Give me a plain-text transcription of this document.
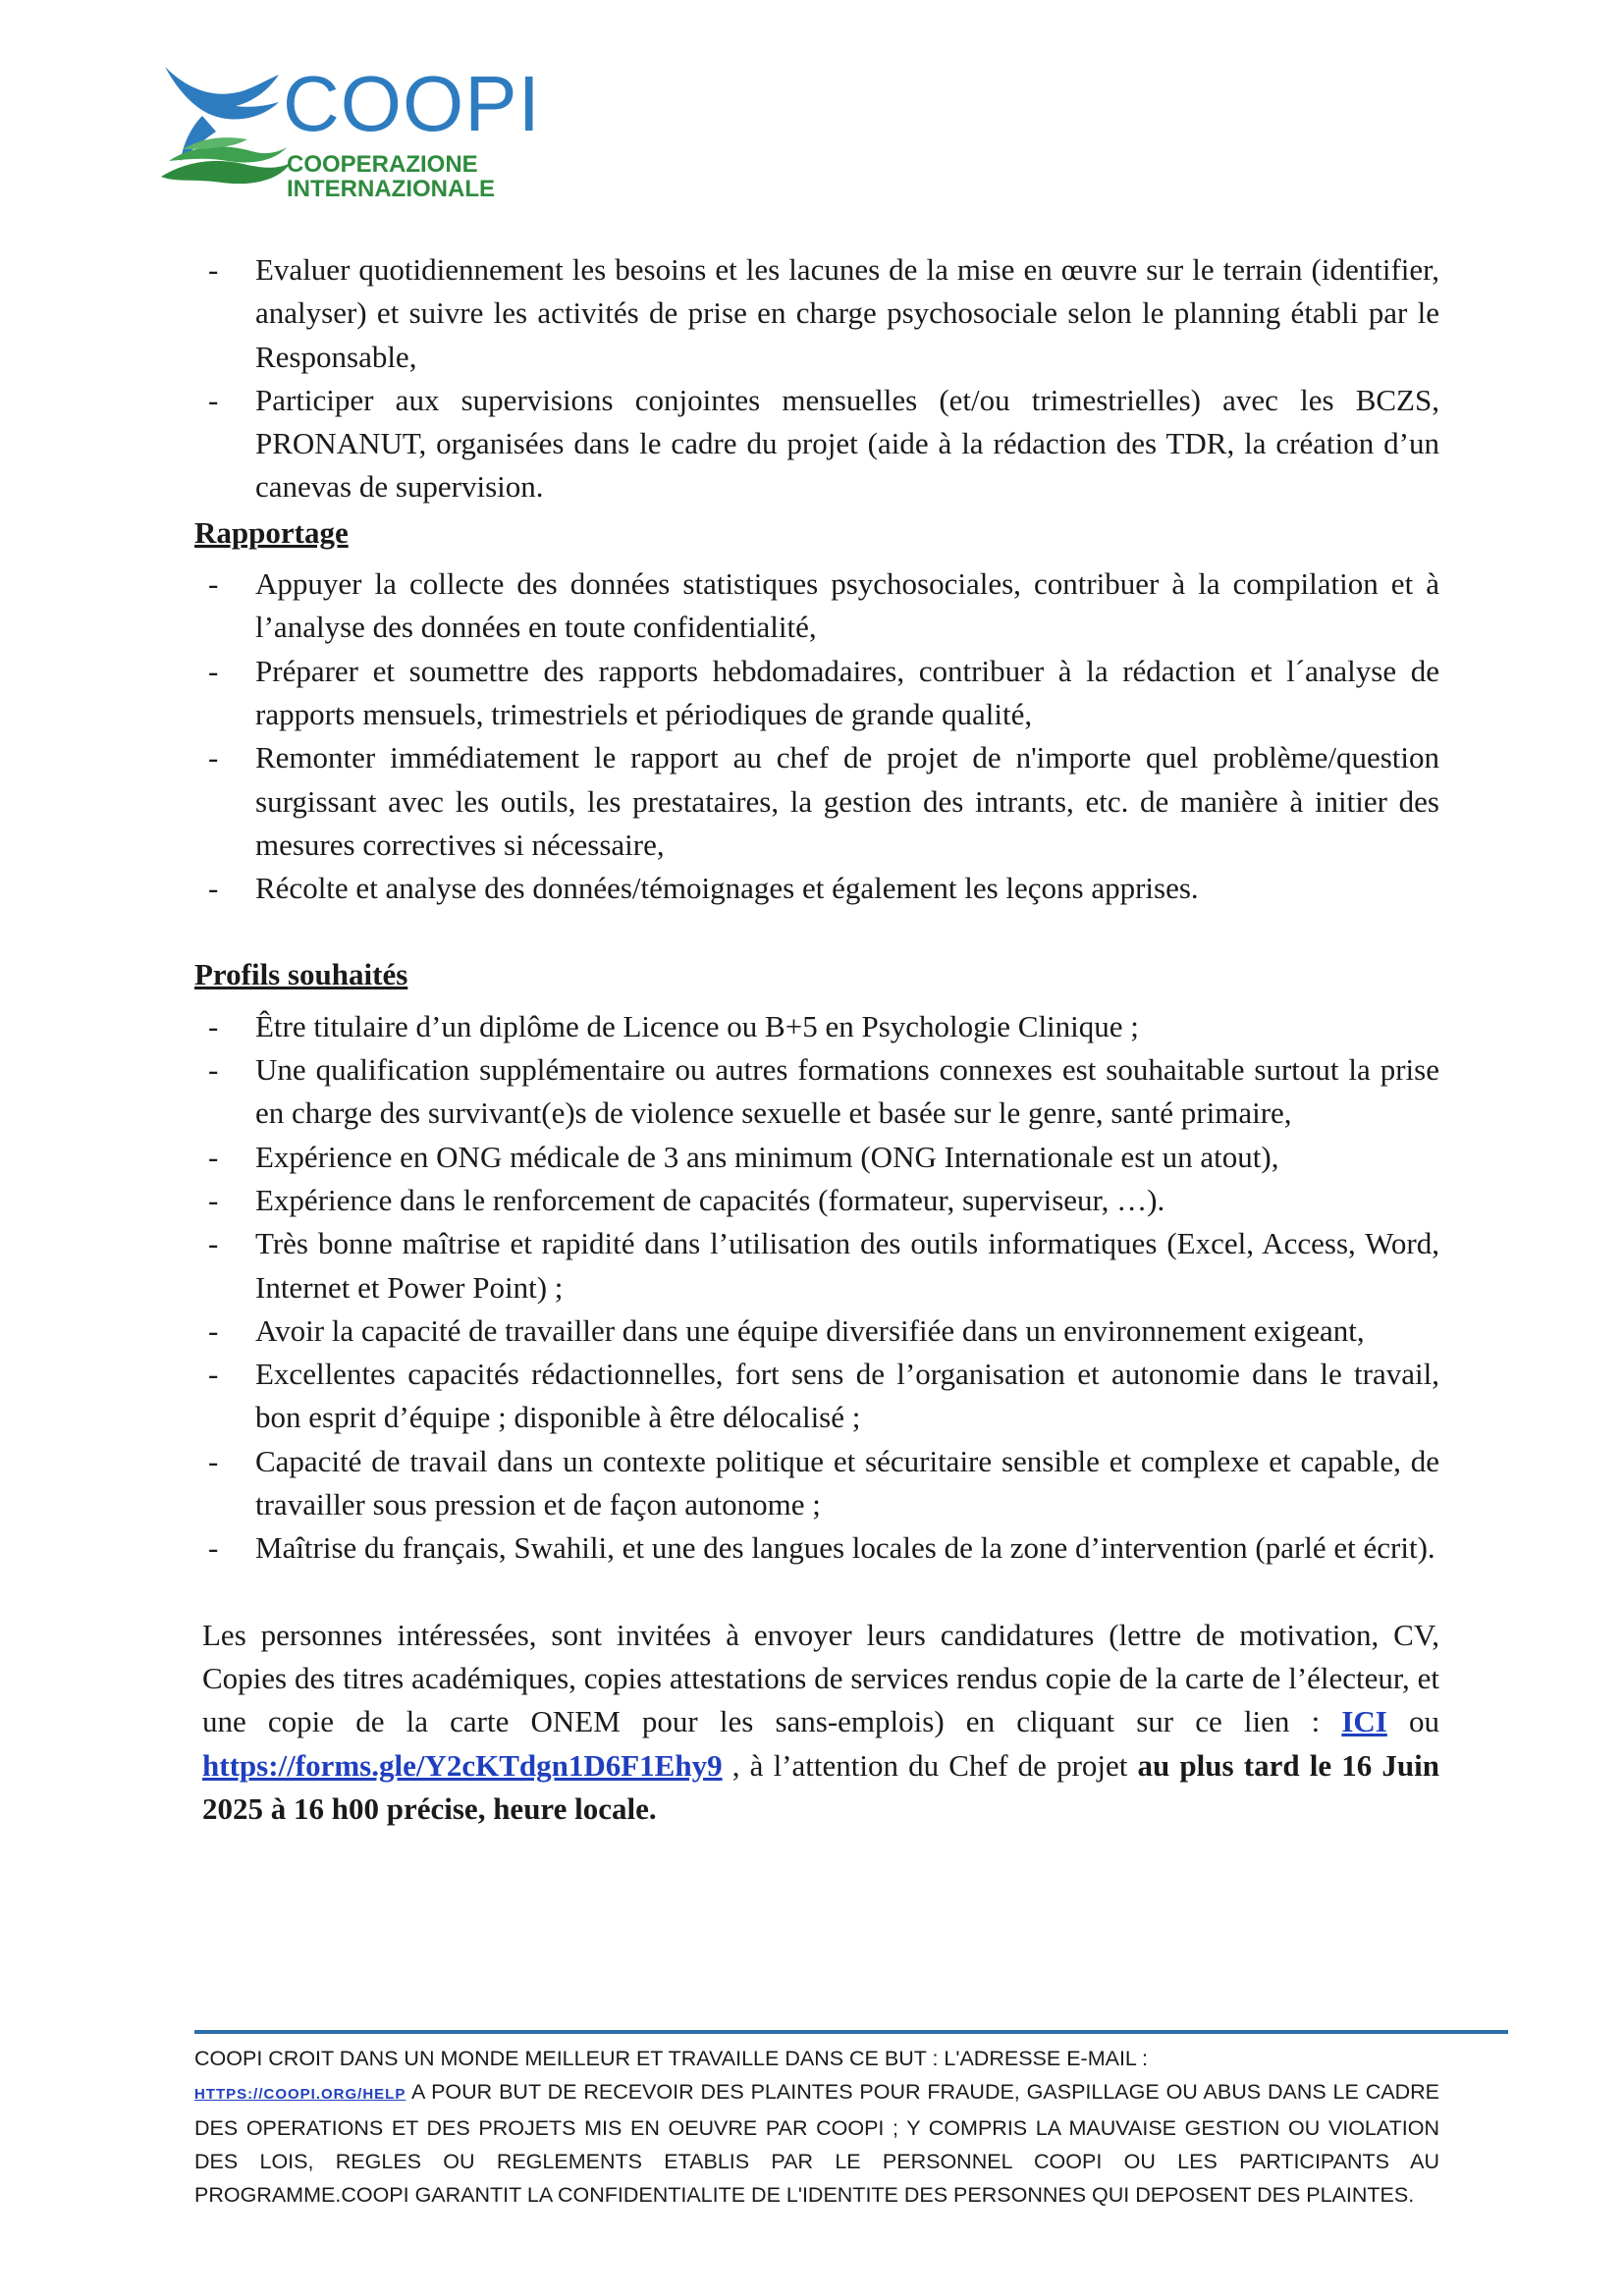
COOPI
COOPERAZIONE
INTERNAZIONALE
- Evaluer quotidiennement les besoins et les lacunes de la mise en œuvre sur le terrain (identifier, analyser) et suivre les activités de prise en charge psychosociale selon le planning établi par le Responsable,
- Participer aux supervisions conjointes mensuelles (et/ou trimestrielles) avec les BCZS, PRONANUT, organisées dans le cadre du projet (aide à la rédaction des TDR, la création d’un canevas de supervision.

Rapportage

- Appuyer la collecte des données statistiques psychosociales, contribuer à la compilation et à l’analyse des données en toute confidentialité,
- Préparer et soumettre des rapports hebdomadaires, contribuer à la rédaction et l´analyse de rapports mensuels, trimestriels et périodiques de grande qualité,
- Remonter immédiatement le rapport au chef de projet de n'importe quel problème/question surgissant avec les outils, les prestataires, la gestion des intrants, etc. de manière à initier des mesures correctives si nécessaire,
- Récolte et analyse des données/témoignages et également les leçons apprises.

Profils souhaités

- Être titulaire d’un diplôme de Licence ou B+5 en Psychologie Clinique ;
- Une qualification supplémentaire ou autres formations connexes est souhaitable surtout la prise en charge des survivant(e)s de violence sexuelle et basée sur le genre, santé primaire,
- Expérience en ONG médicale de 3 ans minimum (ONG Internationale est un atout),
- Expérience dans le renforcement de capacités (formateur, superviseur, …).
- Très bonne maîtrise et rapidité dans l’utilisation des outils informatiques (Excel, Access, Word, Internet et Power Point) ;
- Avoir la capacité de travailler dans une équipe diversifiée dans un environnement exigeant,
- Excellentes capacités rédactionnelles, fort sens de l’organisation et autonomie dans le travail, bon esprit d’équipe ; disponible à être délocalisé ;
- Capacité de travail dans un contexte politique et sécuritaire sensible et complexe et capable, de travailler sous pression et de façon autonome ;
- Maîtrise du français, Swahili, et une des langues locales de la zone d’intervention (parlé et écrit).

Les personnes intéressées, sont invitées à envoyer leurs candidatures (lettre de motivation, CV, Copies des titres académiques, copies attestations de services rendus copie de la carte de l’électeur, et une copie de la carte ONEM pour les sans-emplois) en cliquant sur ce lien : ICI ou https://forms.gle/Y2cKTdgn1D6F1Ehy9 , à l’attention du Chef de projet au plus tard le 16 Juin 2025 à 16 h00 précise, heure locale.

COOPI CROIT DANS UN MONDE MEILLEUR ET TRAVAILLE DANS CE BUT : L'ADRESSE E-MAIL :
HTTPS://COOPI.ORG/HELP A POUR BUT DE RECEVOIR DES PLAINTES POUR FRAUDE, GASPILLAGE OU ABUS DANS LE CADRE DES OPERATIONS ET DES PROJETS MIS EN OEUVRE PAR COOPI ; Y COMPRIS LA MAUVAISE GESTION OU VIOLATION DES LOIS, REGLES OU REGLEMENTS ETABLIS PAR LE PERSONNEL COOPI OU LES PARTICIPANTS AU PROGRAMME.COOPI GARANTIT LA CONFIDENTIALITE DE L'IDENTITE DES PERSONNES QUI DEPOSENT DES PLAINTES.
